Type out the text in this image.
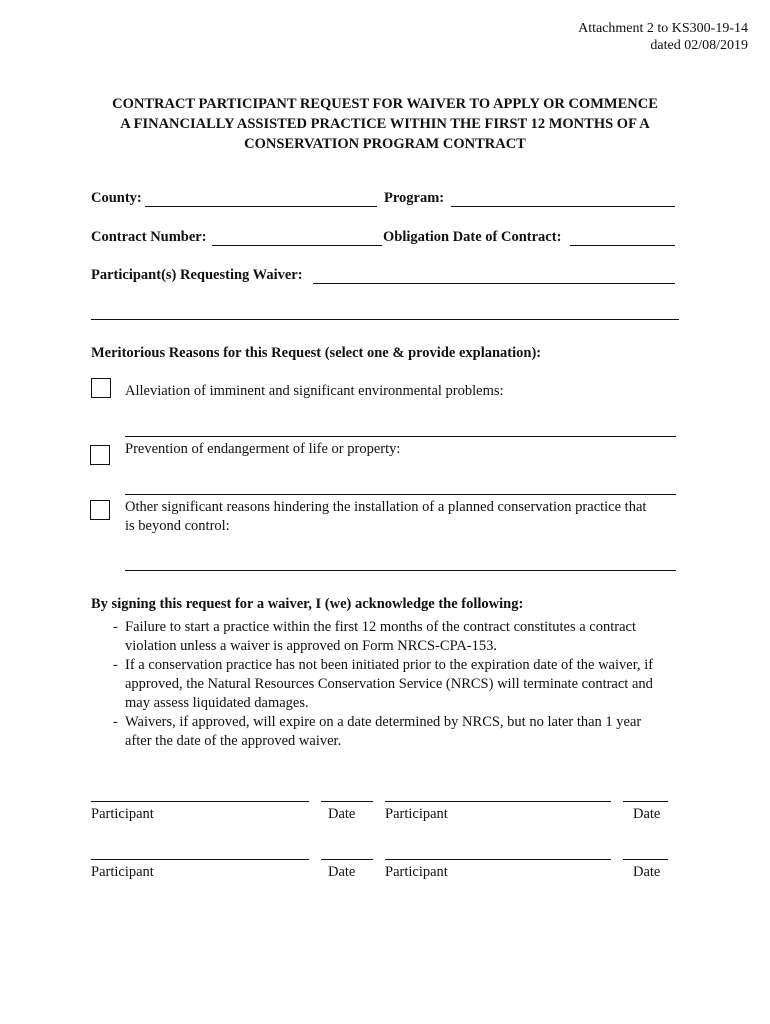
Attachment 2 to KS300-19-14
dated 02/08/2019
CONTRACT PARTICIPANT REQUEST FOR WAIVER TO APPLY OR COMMENCE
A FINANCIALLY ASSISTED PRACTICE WITHIN THE FIRST 12 MONTHS OF A
CONSERVATION PROGRAM CONTRACT
County:	Program:
Contract Number:	Obligation Date of Contract:
Participant(s) Requesting Waiver:
Meritorious Reasons for this Request (select one & provide explanation):
Alleviation of imminent and significant environmental problems:
Prevention of endangerment of life or property:
Other significant reasons hindering the installation of a planned conservation practice that
is beyond control:
By signing this request for a waiver, I (we) acknowledge the following:
- Failure to start a practice within the first 12 months of the contract constitutes a contract
violation unless a waiver is approved on Form NRCS-CPA-153.
- If a conservation practice has not been initiated prior to the expiration date of the waiver, if
approved, the Natural Resources Conservation Service (NRCS) will terminate contract and
may assess liquidated damages.
- Waivers, if approved, will expire on a date determined by NRCS, but no later than 1 year
after the date of the approved waiver.
Participant	Date Participant	Date
Participant	Date Participant	Date
